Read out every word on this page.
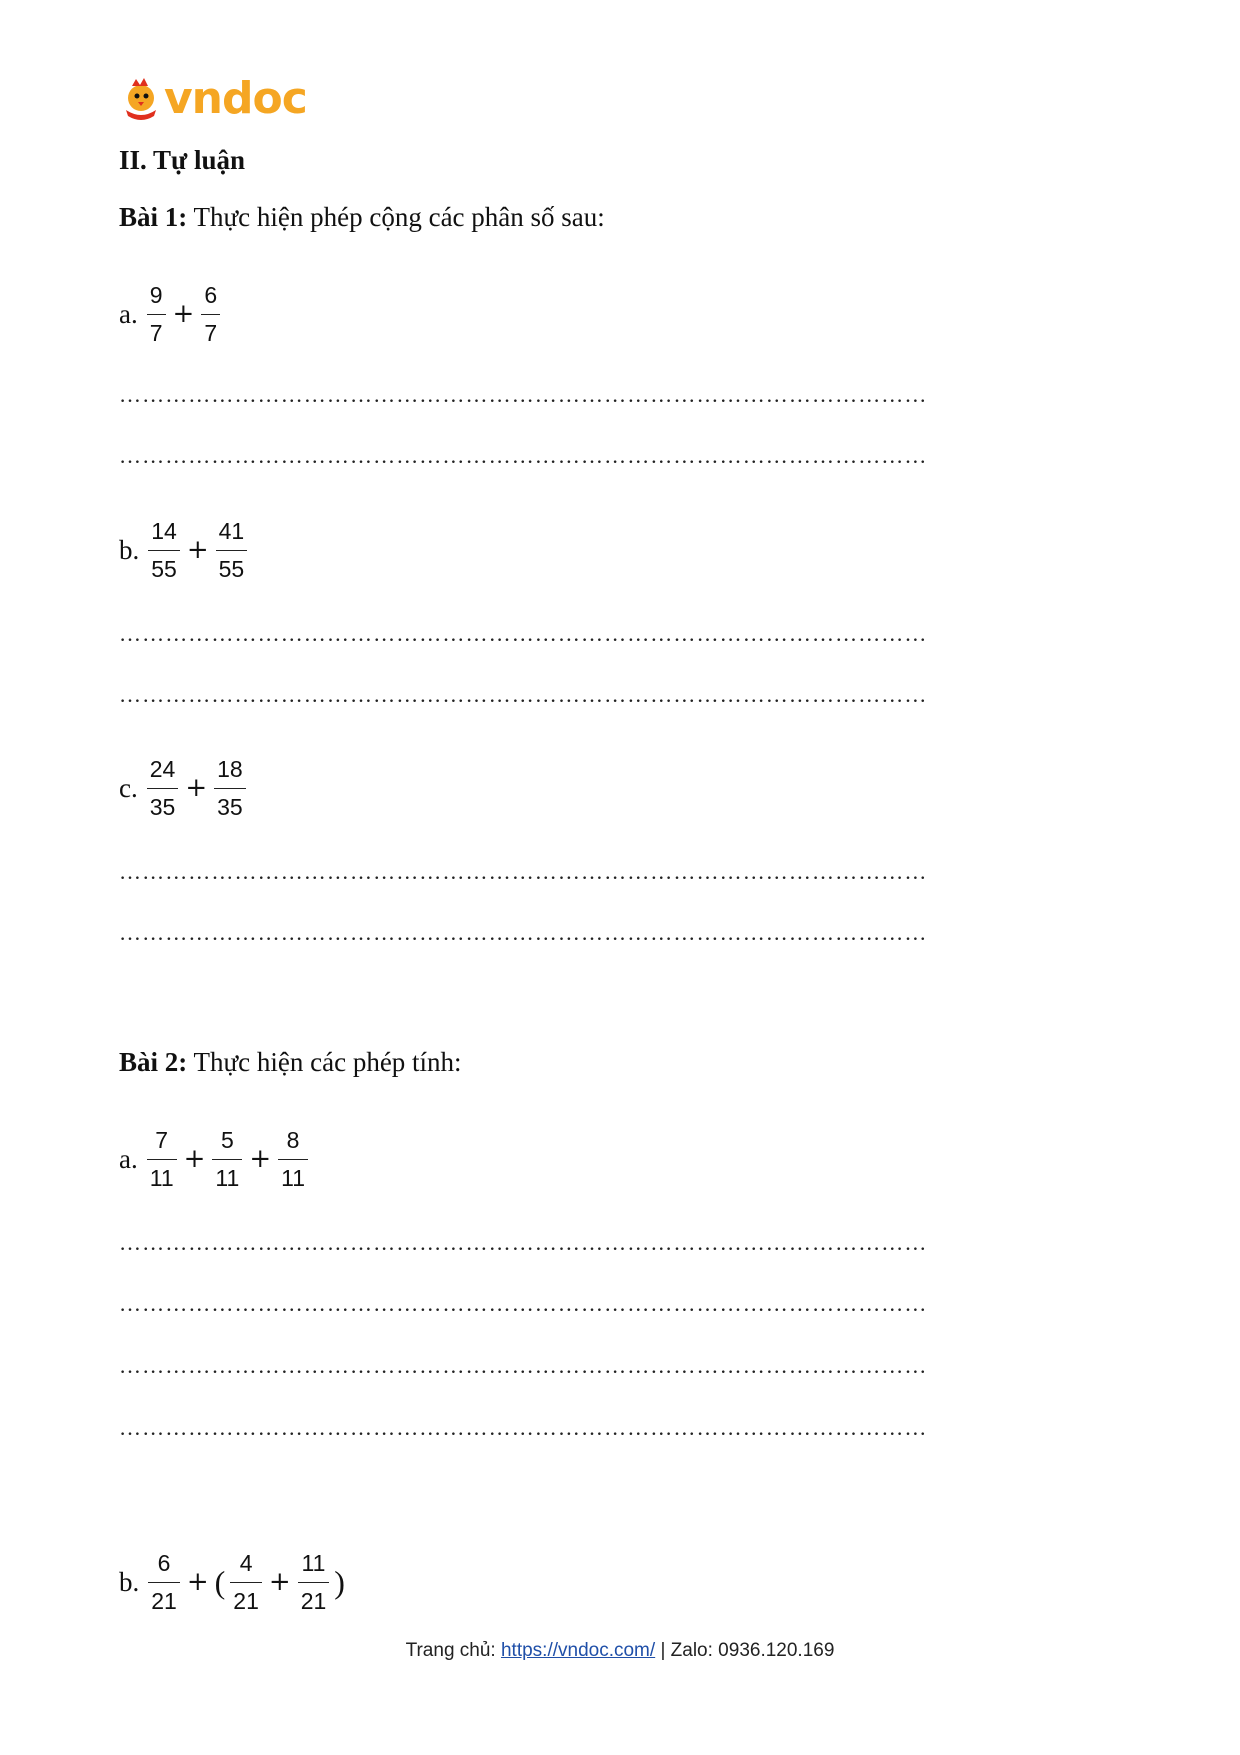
vndoc
II. Tự luận
Bài 1: Thực hiện phép cộng các phân số sau:
a. $\frac{9}{7} + \frac{6}{7}$
……………………………………………………………………………………………
……………………………………………………………………………………………
b. $\frac{14}{55} + \frac{41}{55}$
……………………………………………………………………………………………
……………………………………………………………………………………………
c. $\frac{24}{35} + \frac{18}{35}$
……………………………………………………………………………………………
……………………………………………………………………………………………
Bài 2: Thực hiện các phép tính:
a. $\frac{7}{11} + \frac{5}{11} + \frac{8}{11}$
……………………………………………………………………………………………
……………………………………………………………………………………………
……………………………………………………………………………………………
……………………………………………………………………………………………
b. $\frac{6}{21}$ + ( $\frac{4}{21} + \frac{11}{21}$ )
Trang chủ: https://vndoc.com/ | Zalo: 0936.120.169
